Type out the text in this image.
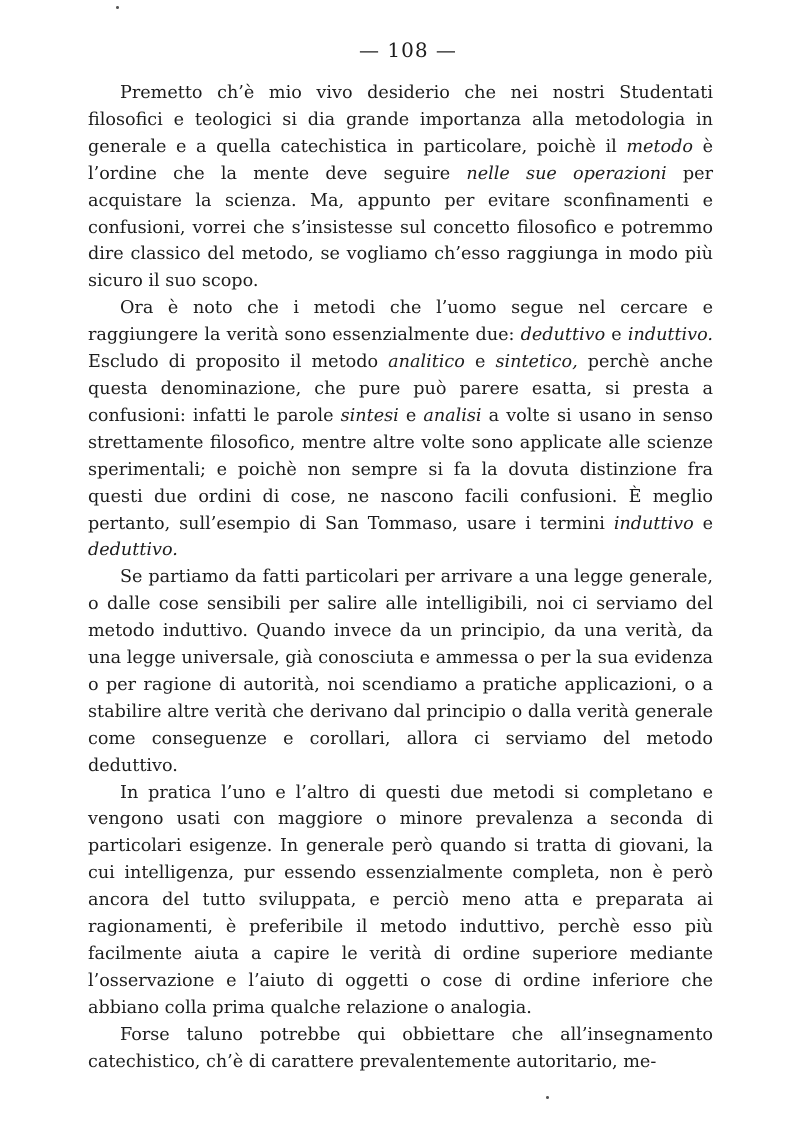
— 108 —

Premetto ch’è mio vivo desiderio che nei nostri Studentati filosofici e teologici si dia grande importanza alla metodologia in generale e a quella catechistica in particolare, poichè il metodo è l’ordine che la mente deve seguire nelle sue operazioni per acquistare la scienza. Ma, appunto per evitare sconfinamenti e confusioni, vorrei che s’insistesse sul concetto filosofico e potremmo dire classico del metodo, se vogliamo ch’esso raggiunga in modo più sicuro il suo scopo.

Ora è noto che i metodi che l’uomo segue nel cercare e raggiungere la verità sono essenzialmente due: deduttivo e induttivo. Escludo di proposito il metodo analitico e sintetico, perchè anche questa denominazione, che pure può parere esatta, si presta a confusioni: infatti le parole sintesi e analisi a volte si usano in senso strettamente filosofico, mentre altre volte sono applicate alle scienze sperimentali; e poichè non sempre si fa la dovuta distinzione fra questi due ordini di cose, ne nascono facili confusioni. È meglio pertanto, sull’esempio di San Tommaso, usare i termini induttivo e deduttivo.

Se partiamo da fatti particolari per arrivare a una legge generale, o dalle cose sensibili per salire alle intelligibili, noi ci serviamo del metodo induttivo. Quando invece da un principio, da una verità, da una legge universale, già conosciuta e ammessa o per la sua evidenza o per ragione di autorità, noi scendiamo a pratiche applicazioni, o a stabilire altre verità che derivano dal principio o dalla verità generale come conseguenze e corollari, allora ci serviamo del metodo deduttivo.

In pratica l’uno e l’altro di questi due metodi si completano e vengono usati con maggiore o minore prevalenza a seconda di particolari esigenze. In generale però quando si tratta di giovani, la cui intelligenza, pur essendo essenzialmente completa, non è però ancora del tutto sviluppata, e perciò meno atta e preparata ai ragionamenti, è preferibile il metodo induttivo, perchè esso più facilmente aiuta a capire le verità di ordine superiore mediante l’osservazione e l’aiuto di oggetti o cose di ordine inferiore che abbiano colla prima qualche relazione o analogia.

Forse taluno potrebbe qui obbiettare che all’insegnamento catechistico, ch’è di carattere prevalentemente autoritario, me-
